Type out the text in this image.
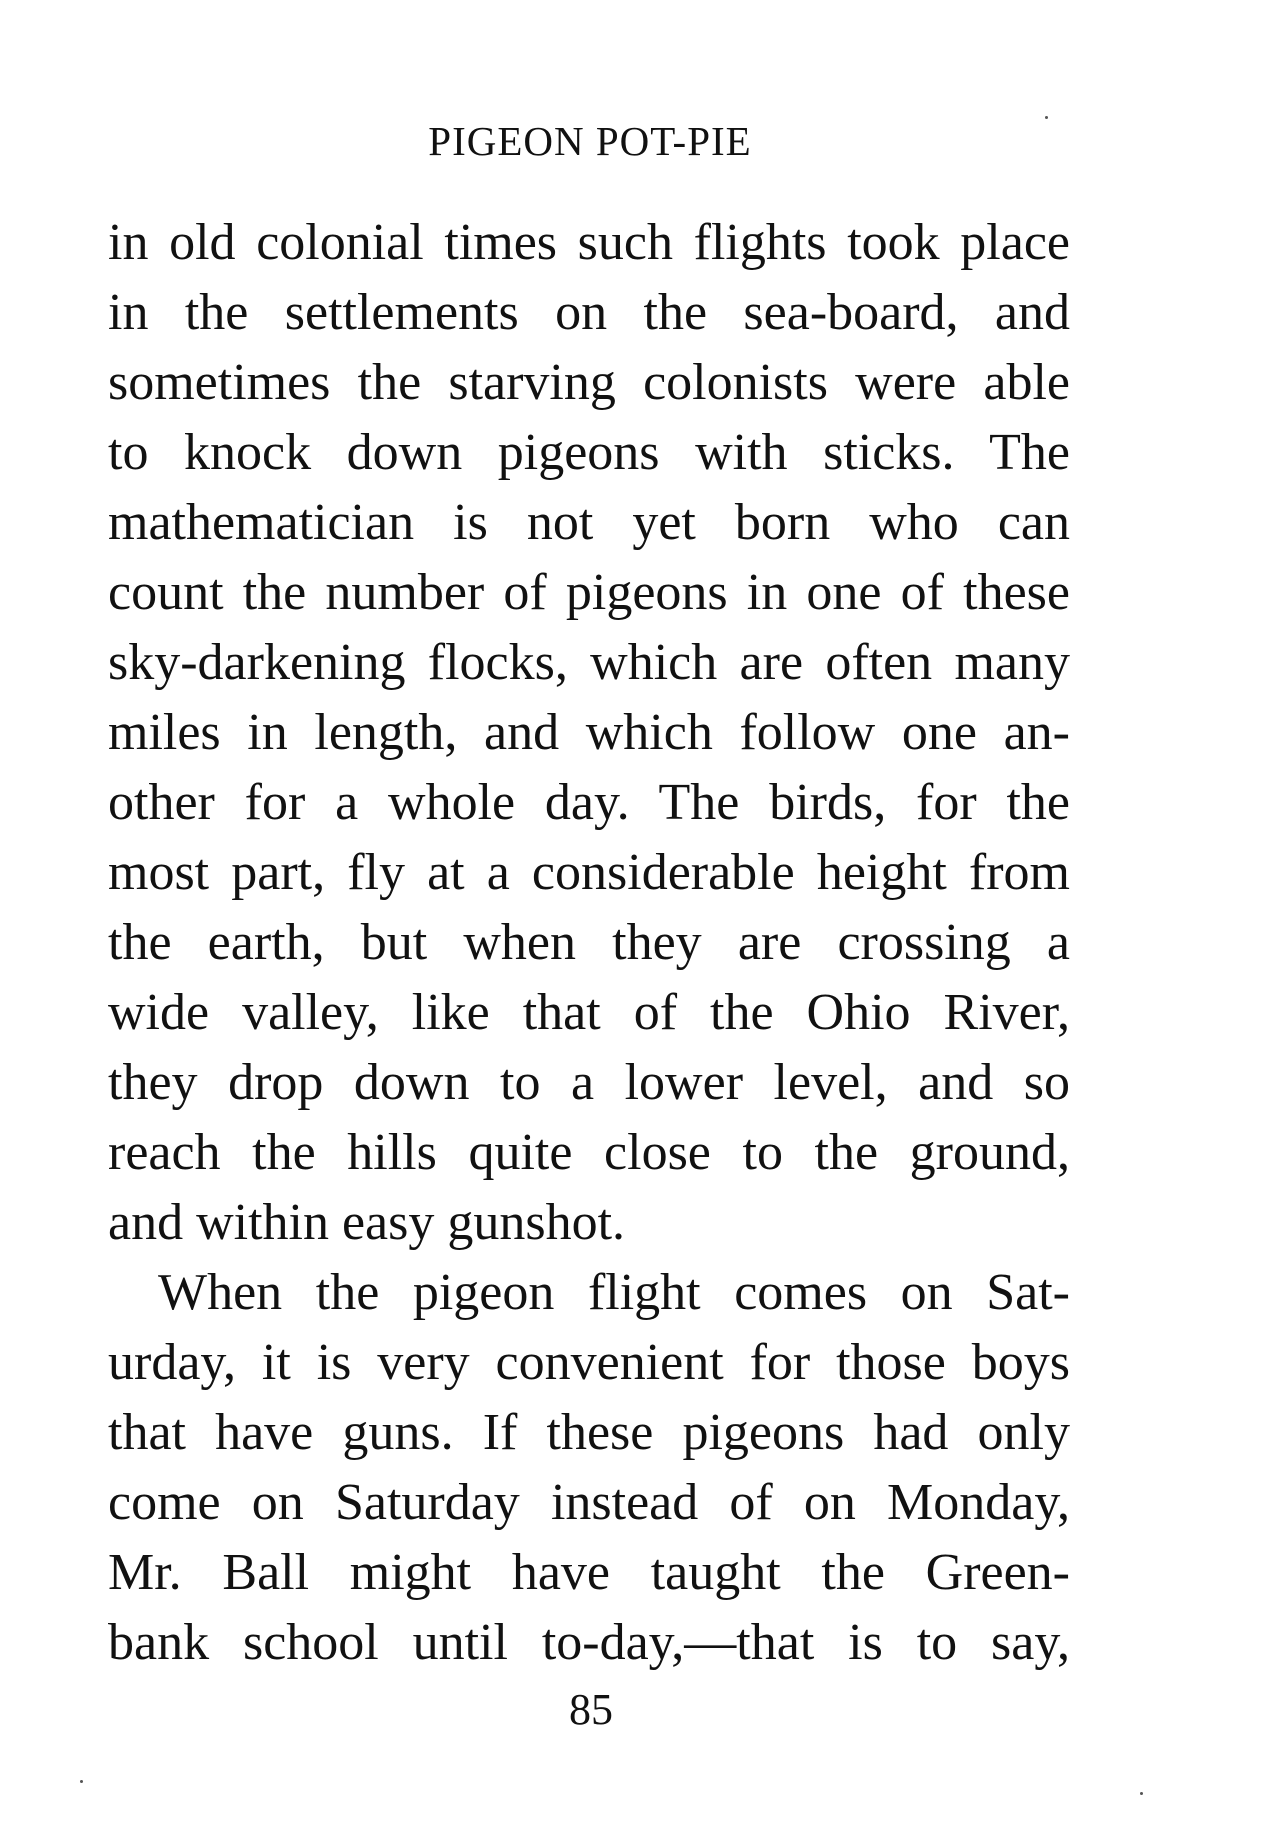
PIGEON POT-PIE
in old colonial times such flights took place
in the settlements on the sea-board, and
sometimes the starving colonists were able
to knock down pigeons with sticks. The
mathematician is not yet born who can
count the number of pigeons in one of these
sky-darkening flocks, which are often many
miles in length, and which follow one an-
other for a whole day. The birds, for the
most part, fly at a considerable height from
the earth, but when they are crossing a
wide valley, like that of the Ohio River,
they drop down to a lower level, and so
reach the hills quite close to the ground,
and within easy gunshot.
When the pigeon flight comes on Sat-
urday, it is very convenient for those boys
that have guns. If these pigeons had only
come on Saturday instead of on Monday,
Mr. Ball might have taught the Green-
bank school until to-day,—that is to say,
85
